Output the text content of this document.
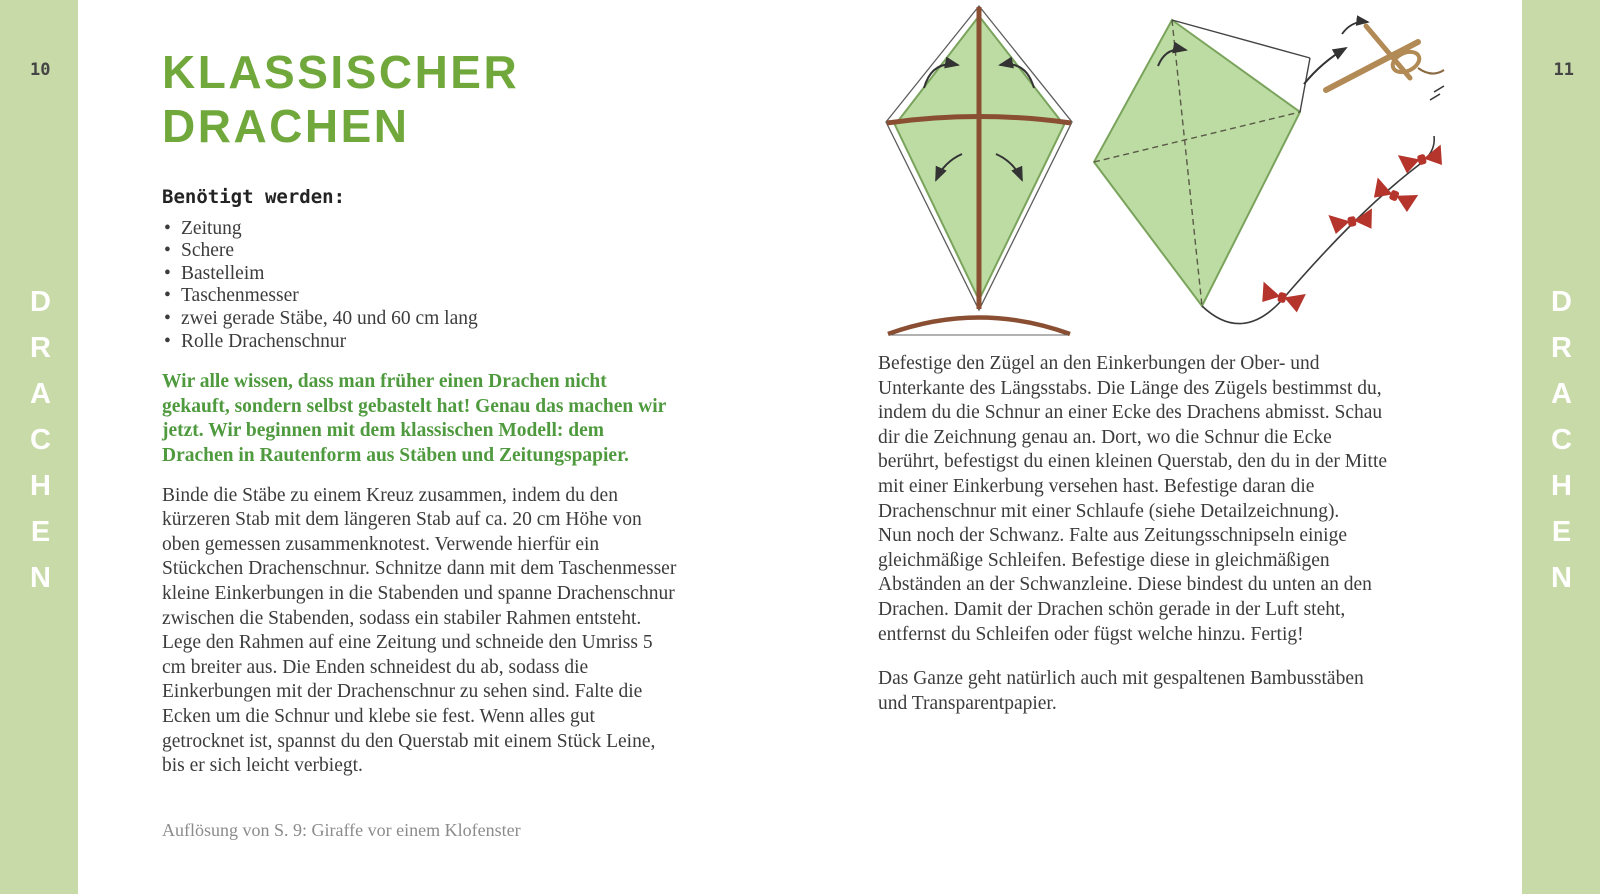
10
DRACHEN
11
DRACHEN
KLASSISCHER
DRACHEN
Benötigt werden:
• Zeitung
• Schere
• Bastelleim
• Taschenmesser
• zwei gerade Stäbe, 40 und 60 cm lang
• Rolle Drachenschnur
Wir alle wissen, dass man früher einen Drachen nicht gekauft, sondern selbst gebastelt hat! Genau das machen wir jetzt. Wir beginnen mit dem klassischen Modell: dem Drachen in Rautenform aus Stäben und Zeitungspapier.
Binde die Stäbe zu einem Kreuz zusammen, indem du den kürzeren Stab mit dem längeren Stab auf ca. 20 cm Höhe von oben gemessen zusammenknotest. Verwende hierfür ein Stückchen Drachenschnur. Schnitze dann mit dem Taschenmesser kleine Einkerbungen in die Stabenden und spanne Drachenschnur zwischen die Stabenden, sodass ein stabiler Rahmen entsteht. Lege den Rahmen auf eine Zeitung und schneide den Umriss 5 cm breiter aus. Die Enden schneidest du ab, sodass die Einkerbungen mit der Drachenschnur zu sehen sind. Falte die Ecken um die Schnur und klebe sie fest. Wenn alles gut getrocknet ist, spannst du den Querstab mit einem Stück Leine, bis er sich leicht verbiegt.
Auflösung von S. 9: Giraffe vor einem Klofenster
Befestige den Zügel an den Einkerbungen der Ober- und Unterkante des Längsstabs. Die Länge des Zügels bestimmst du, indem du die Schnur an einer Ecke des Drachens abmisst. Schau dir die Zeichnung genau an. Dort, wo die Schnur die Ecke berührt, befestigst du einen kleinen Querstab, den du in der Mitte mit einer Einkerbung versehen hast. Befestige daran die Drachenschnur mit einer Schlaufe (siehe Detailzeichnung).
Nun noch der Schwanz. Falte aus Zeitungsschnipseln einige gleichmäßige Schleifen. Befestige diese in gleichmäßigen Abständen an der Schwanzleine. Diese bindest du unten an den Drachen. Damit der Drachen schön gerade in der Luft steht, entfernst du Schleifen oder fügst welche hinzu. Fertig!
Das Ganze geht natürlich auch mit gespaltenen Bambusstäben und Transparentpapier.
